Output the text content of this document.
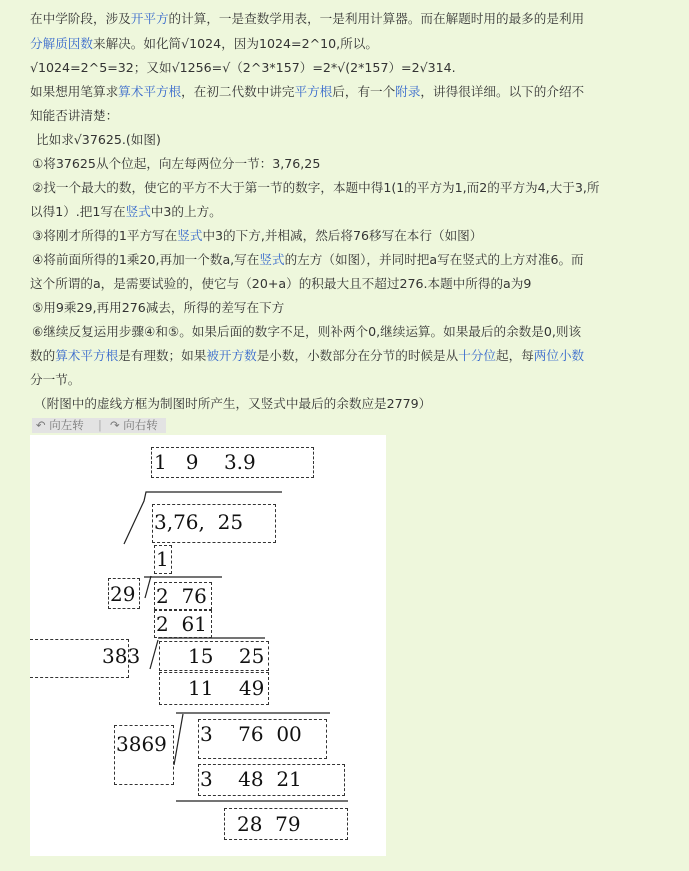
在中学阶段，涉及开平方的计算，一是查数学用表，一是利用计算器。而在解题时用的最多的是利用
分解质因数来解决。如化简√1024，因为1024=2^10,所以。
√1024=2^5=32；又如√1256=√（2^3*157）=2*√(2*157）=2√314.
如果想用笔算求算术平方根，在初二代数中讲完平方根后，有一个附录，讲得很详细。以下的介绍不
知能否讲清楚：
比如求√37625.(如图)
①将37625从个位起，向左每两位分一节：3,76,25
②找一个最大的数，使它的平方不大于第一节的数字，本题中得1(1的平方为1,而2的平方为4,大于3,所
以得1）.把1写在竖式中3的上方。
③将刚才所得的1平方写在竖式中3的下方,并相减，然后将76移写在本行（如图）
④将前面所得的1乘20,再加一个数a,写在竖式的左方（如图），并同时把a写在竖式的上方对准6。而
这个所谓的a，是需要试验的，使它与（20+a）的积最大且不超过276.本题中所得的a为9
⑤用9乘29,再用276减去，所得的差写在下方
⑥继续反复运用步骤④和⑤。如果后面的数字不足，则补两个0,继续运算。如果最后的余数是0,则该
数的算术平方根是有理数；如果被开方数是小数，小数部分在分节的时候是从十分位起，每两位小数
分一节。
（附图中的虚线方框为制图时所产生，又竖式中最后的余数应是2779）
↶ 向左转 | ↷ 向右转
1   9    3.9
3,76,  25
1
29 2  76
2  61
383 15    25
11    49
3869 3    76  00
3    48  21
28  79
